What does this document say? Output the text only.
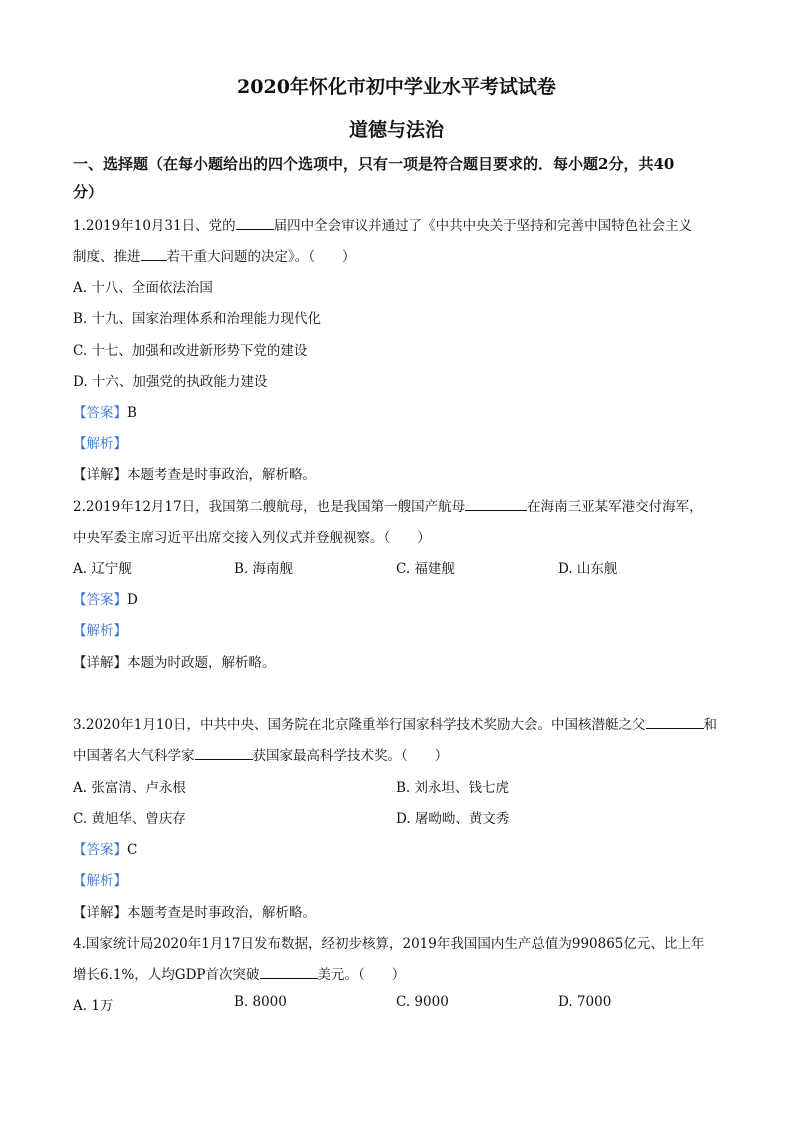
2020年怀化市初中学业水平考试试卷
道德与法治
一、选择题（在每小题给出的四个选项中，只有一项是符合题目要求的．每小题2分，共40
分）
1.2019年10月31日、党的	届四中全会审议并通过了《中共中央关于坚持和完善中国特色社会主义
制度、推进 若干重大问题的决定》。（　　）
A. 十八、全面依法治国
B. 十九、国家治理体系和治理能力现代化
C. 十七、加强和改进新形势下党的建设
D. 十六、加强党的执政能力建设
【答案】B
【解析】
【详解】本题考查是时事政治，解析略。
2.2019年12月17日，我国第二艘航母，也是我国第一艘国产航母	在海南三亚某军港交付海军，
中央军委主席习近平出席交接入列仪式并登舰视察。（　　）
A. 辽宁舰	B. 海南舰	C. 福建舰	D. 山东舰
【答案】D
【解析】
【详解】本题为时政题，解析略。
3.2020年1月10日，中共中央、国务院在北京隆重举行国家科学技术奖励大会。中国核潜艇之父	和
中国著名大气科学家	获国家最高科学技术奖。（　　）
A. 张富清、卢永根	B. 刘永坦、钱七虎
C. 黄旭华、曾庆存	D. 屠呦呦、黄文秀
【答案】C
【解析】
【详解】本题考查是时事政治，解析略。
4.国家统计局2020年1月17日发布数据，经初步核算，2019年我国国内生产总值为990865亿元、比上年
增长6.1%，人均GDP首次突破	美元。（　　）
A. 1万	B. 8000	C. 9000	D. 7000
